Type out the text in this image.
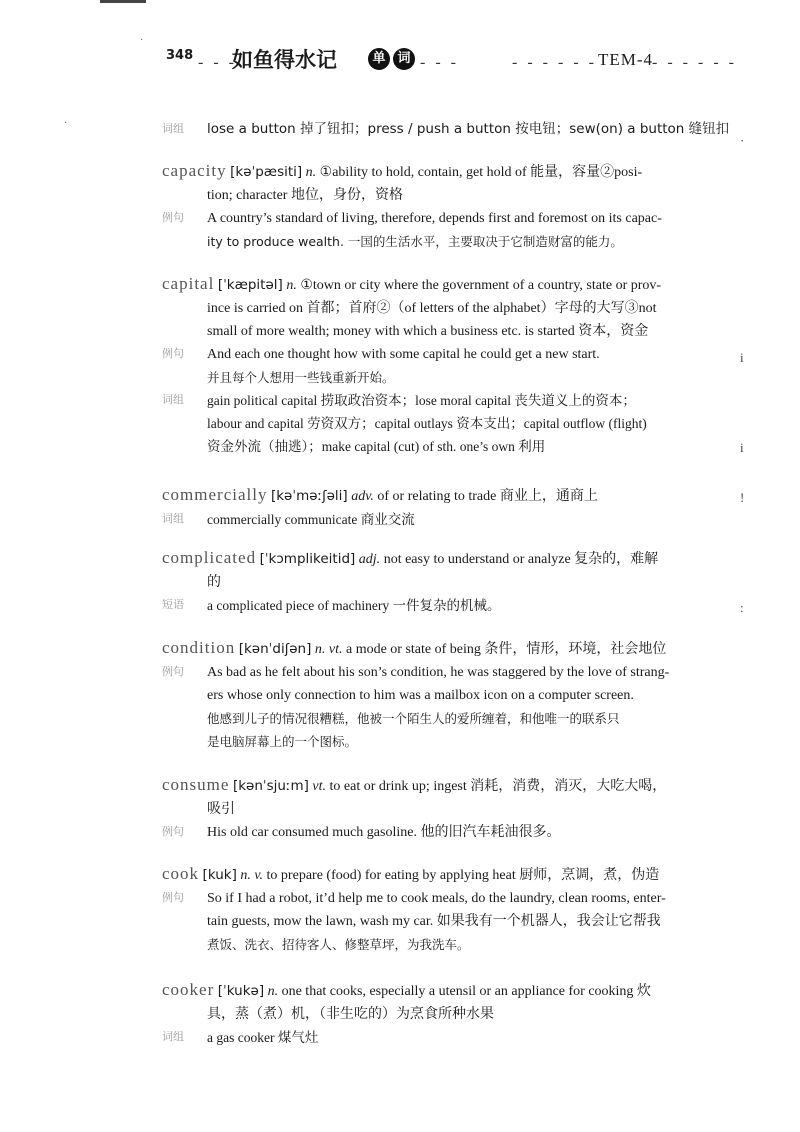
˙
·
348 - - -
如鱼得水记	单 词 - - -	- - - - - - TEM-4
- - - - - -
词组	lose a button 掉了钮扣；press / push a button 按电钮；sew(on) a button 缝钮扣
capacity [kəˈpæsiti] n. ①ability to hold, contain, get hold of 能量，容量②posi-
tion; character 地位，身份，资格
例句	A country’s standard of living, therefore, depends first and foremost on its capac-
ity to produce wealth. 一国的生活水平，主要取决于它制造财富的能力。
capital [ˈkæpitəl] n. ①town or city where the government of a country, state or prov-
ince is carried on 首都；首府②（of letters of the alphabet）字母的大写③not
small of more wealth; money with which a business etc. is started 资本，资金
例句	And each one thought how with some capital he could get a new start.
并且每个人想用一些钱重新开始。
词组	gain political capital 捞取政治资本；lose moral capital 丧失道义上的资本；
labour and capital 劳资双方；capital outlays 资本支出；capital outflow (flight)
资金外流（抽逃）；make capital (cut) of sth. one’s own 利用
commercially [kəˈməːʃəli] adv. of or relating to trade 商业上，通商上
词组	commercially communicate 商业交流
complicated [ˈkɔmplikeitid] adj. not easy to understand or analyze 复杂的，难解
的
短语	a complicated piece of machinery 一件复杂的机械。
condition [kənˈdiʃən] n. vt. a mode or state of being 条件，情形，环境，社会地位
例句	As bad as he felt about his son’s condition, he was staggered by the love of strang-
ers whose only connection to him was a mailbox icon on a computer screen.
他感到儿子的情况很糟糕，他被一个陌生人的爱所缠着，和他唯一的联系只
是电脑屏幕上的一个图标。
consume [kənˈsjuːm] vt. to eat or drink up; ingest 消耗，消费，消灭，大吃大喝，
吸引
例句	His old car consumed much gasoline. 他的旧汽车耗油很多。
cook [kuk] n. v. to prepare (food) for eating by applying heat 厨师，烹调，煮，伪造
例句	So if I had a robot, it’d help me to cook meals, do the laundry, clean rooms, enter-
tain guests, mow the lawn, wash my car. 如果我有一个机器人，我会让它帮我
煮饭、洗衣、招待客人、修整草坪，为我洗车。
cooker [ˈkukə] n. one that cooks, especially a utensil or an appliance for cooking 炊
具，蒸（煮）机，（非生吃的）为烹食所种水果
词组	a gas cooker 煤气灶
·
i
i
!
:
